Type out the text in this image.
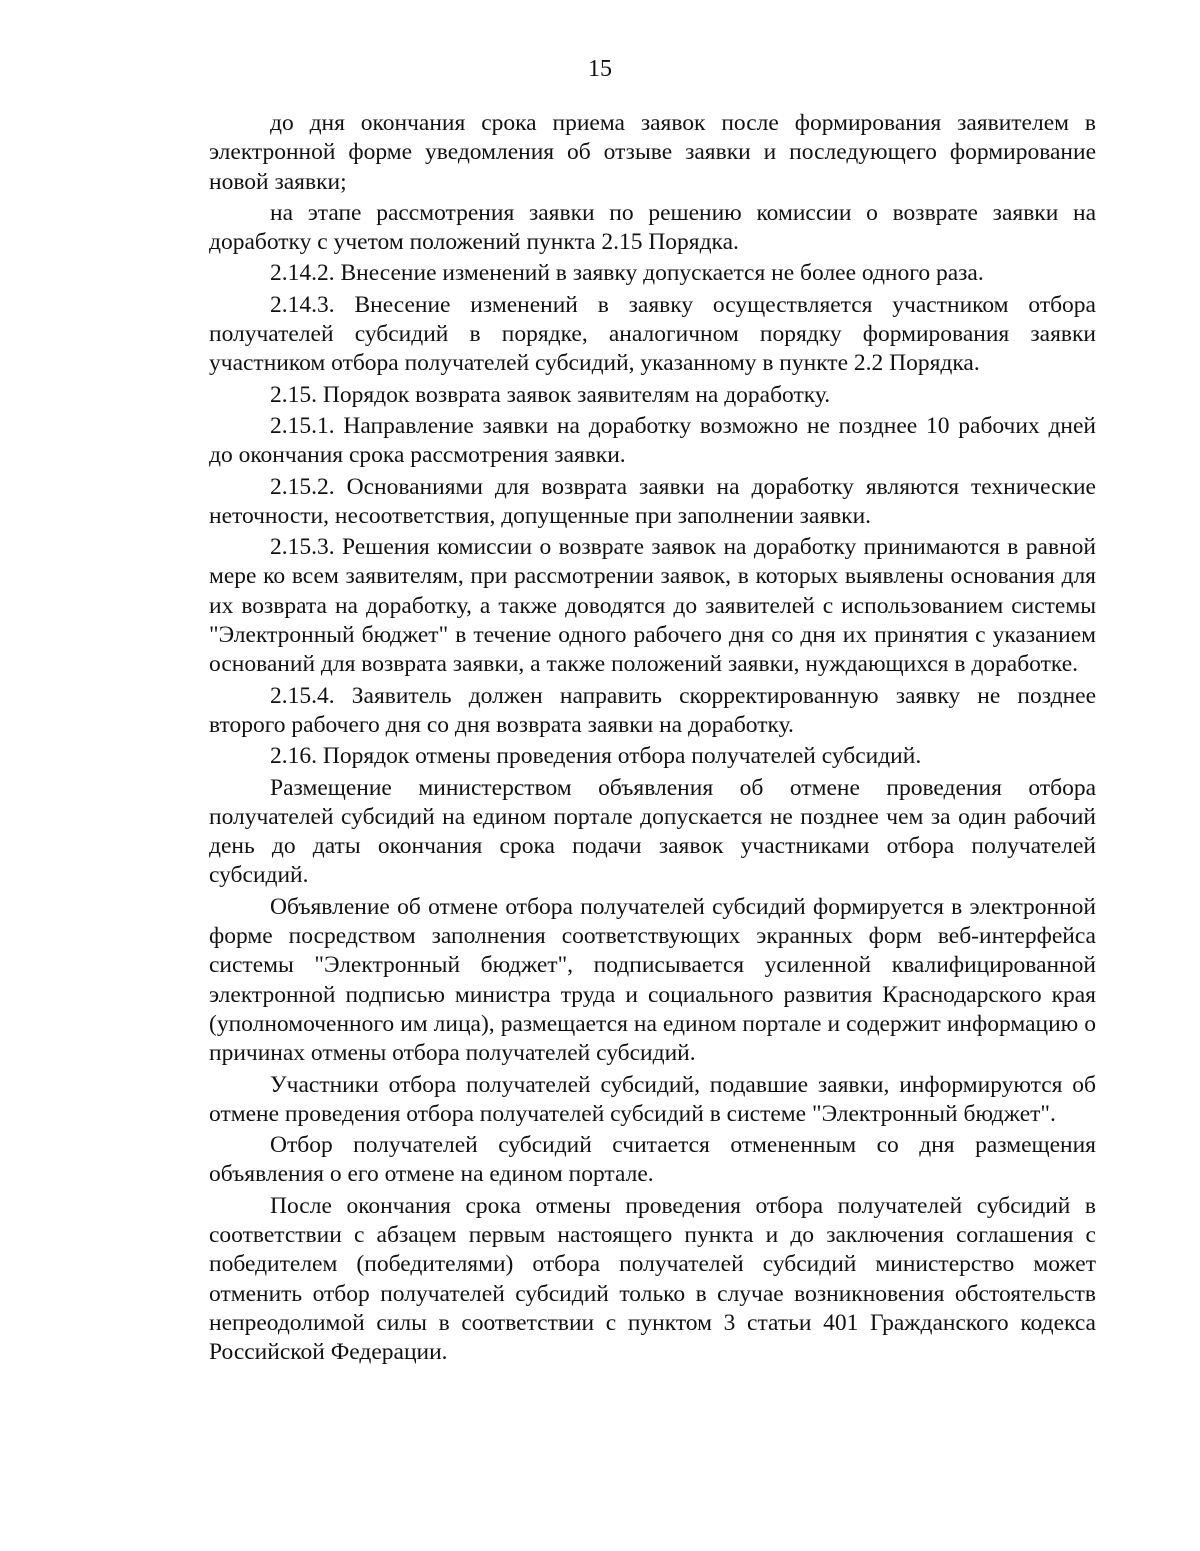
15

до дня окончания срока приема заявок после формирования заявителем в электронной форме уведомления об отзыве заявки и последующего формирование новой заявки;

на этапе рассмотрения заявки по решению комиссии о возврате заявки на доработку с учетом положений пункта 2.15 Порядка.

2.14.2. Внесение изменений в заявку допускается не более одного раза.

2.14.3. Внесение изменений в заявку осуществляется участником отбора получателей субсидий в порядке, аналогичном порядку формирования заявки участником отбора получателей субсидий, указанному в пункте 2.2 Порядка.

2.15. Порядок возврата заявок заявителям на доработку.

2.15.1. Направление заявки на доработку возможно не позднее 10 рабочих дней до окончания срока рассмотрения заявки.

2.15.2. Основаниями для возврата заявки на доработку являются технические неточности, несоответствия, допущенные при заполнении заявки.

2.15.3. Решения комиссии о возврате заявок на доработку принимаются в равной мере ко всем заявителям, при рассмотрении заявок, в которых выявлены основания для их возврата на доработку, а также доводятся до заявителей с использованием системы "Электронный бюджет" в течение одного рабочего дня со дня их принятия с указанием оснований для возврата заявки, а также положений заявки, нуждающихся в доработке.

2.15.4. Заявитель должен направить скорректированную заявку не позднее второго рабочего дня со дня возврата заявки на доработку.

2.16. Порядок отмены проведения отбора получателей субсидий.

Размещение министерством объявления об отмене проведения отбора получателей субсидий на едином портале допускается не позднее чем за один рабочий день до даты окончания срока подачи заявок участниками отбора получателей субсидий.

Объявление об отмене отбора получателей субсидий формируется в электронной форме посредством заполнения соответствующих экранных форм веб-интерфейса системы "Электронный бюджет", подписывается усиленной квалифицированной электронной подписью министра труда и социального развития Краснодарского края (уполномоченного им лица), размещается на едином портале и содержит информацию о причинах отмены отбора получателей субсидий.

Участники отбора получателей субсидий, подавшие заявки, информируются об отмене проведения отбора получателей субсидий в системе "Электронный бюджет".

Отбор получателей субсидий считается отмененным со дня размещения объявления о его отмене на едином портале.

После окончания срока отмены проведения отбора получателей субсидий в соответствии с абзацем первым настоящего пункта и до заключения соглашения с победителем (победителями) отбора получателей субсидий министерство может отменить отбор получателей субсидий только в случае возникновения обстоятельств непреодолимой силы в соответствии с пунктом 3 статьи 401 Гражданского кодекса Российской Федерации.
